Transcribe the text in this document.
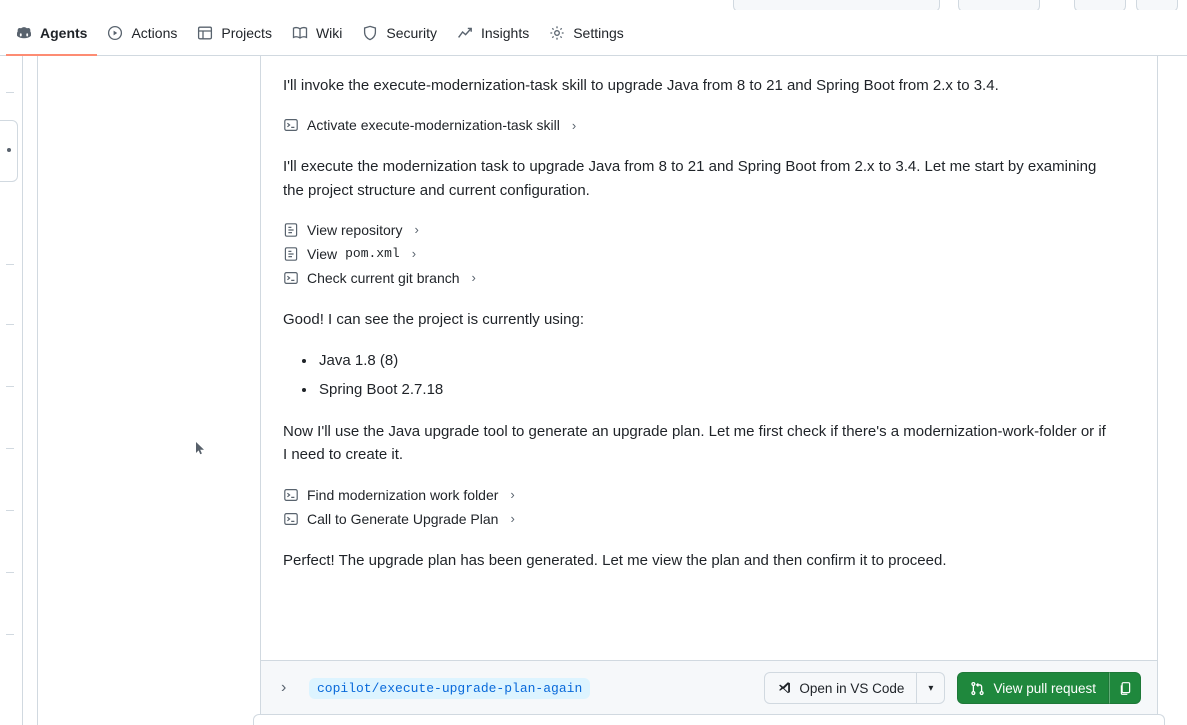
Agents	Actions	Projects	Wiki	Security	Insights	Settings

I'll invoke the execute-modernization-task skill to upgrade Java from 8 to 21 and Spring Boot from 2.x to 3.4.

Activate execute-modernization-task skill ›

I'll execute the modernization task to upgrade Java from 8 to 21 and Spring Boot from 2.x to 3.4. Let me start by examining the project structure and current configuration.

View repository ›
View pom.xml ›
Check current git branch ›

Good! I can see the project is currently using:

• Java 1.8 (8)
• Spring Boot 2.7.18

Now I'll use the Java upgrade tool to generate an upgrade plan. Let me first check if there's a modernization-work-folder or if I need to create it.

Find modernization work folder ›
Call to Generate Upgrade Plan ›

Perfect! The upgrade plan has been generated. Let me view the plan and then confirm it to proceed.

›	copilot/execute-upgrade-plan-again	Open in VS Code ▾	View pull request
